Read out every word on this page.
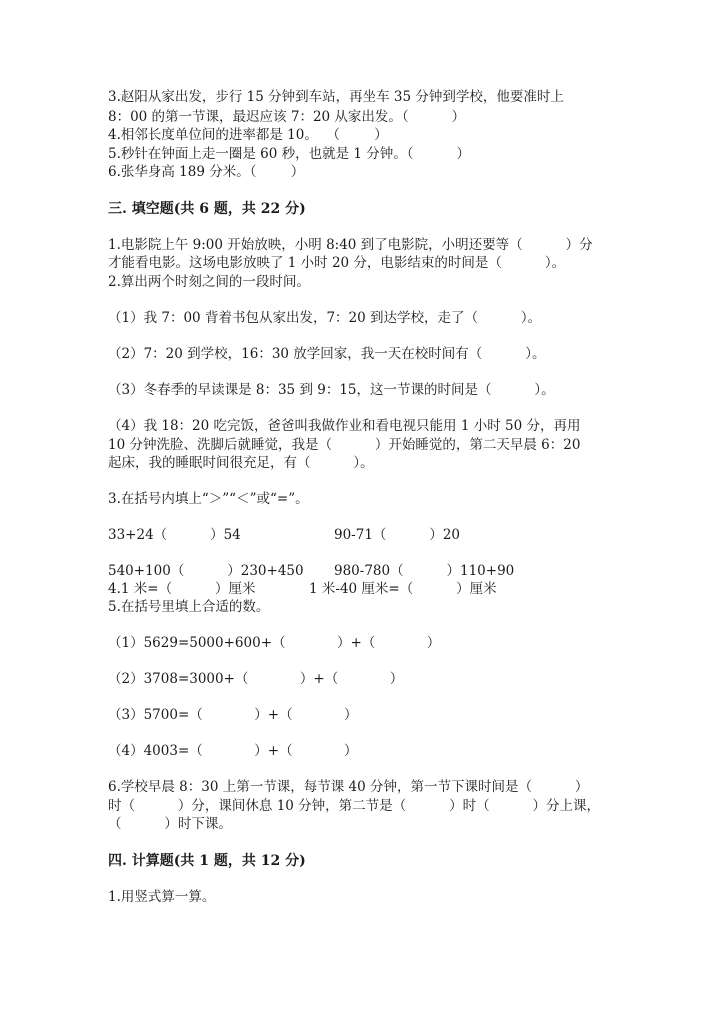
3.赵阳从家出发，步行 15 分钟到车站，再坐车 35 分钟到学校，他要准时上

8：00 的第一节课，最迟应该 7：20 从家出发。（          ）

4.相邻长度单位间的进率都是 10。  （        ）

5.秒针在钟面上走一圈是 60 秒，也就是 1 分钟。（          ）

6.张华身高 189 分米。（        ）

三. 填空题(共 6 题，共 22 分)

1.电影院上午 9:00 开始放映，小明 8:40 到了电影院，小明还要等（          ）分

才能看电影。这场电影放映了 1 小时 20 分，电影结束的时间是（          ）。

2.算出两个时刻之间的一段时间。

（1）我 7：00 背着书包从家出发，7：20 到达学校，走了（          ）。

（2）7：20 到学校，16：30 放学回家，我一天在校时间有（          ）。

（3）冬春季的早读课是 8：35 到 9：15，这一节课的时间是（          ）。

（4）我 18：20 吃完饭，爸爸叫我做作业和看电视只能用 1 小时 50 分，再用

10 分钟洗脸、洗脚后就睡觉，我是（          ）开始睡觉的，第二天早晨 6：20

起床，我的睡眠时间很充足，有（          ）。

3.在括号内填上“＞”“＜”或“=”。

33+24（          ）54	90-71（          ）20

540+100（          ）230+450 980-780（          ）110+90

4.1 米=（          ）厘米	1 米-40 厘米=（          ）厘米

5.在括号里填上合适的数。

（1）5629=5000+600+（            ）+（            ）

（2）3708=3000+（            ）+（            ）

（3）5700=（            ）+（            ）

（4）4003=（            ）+（            ）

6.学校早晨 8：30 上第一节课，每节课 40 分钟，第一节下课时间是（          ）

时（          ）分，课间休息 10 分钟，第二节是（          ）时（          ）分上课，

（          ）时下课。

四. 计算题(共 1 题，共 12 分)

1.用竖式算一算。
